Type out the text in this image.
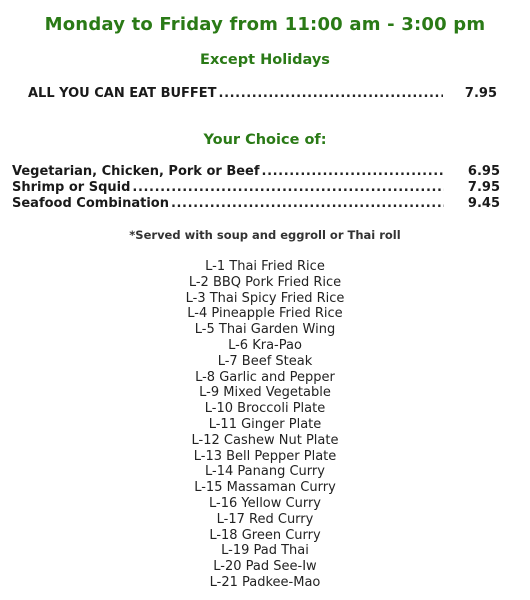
Monday to Friday from 11:00 am - 3:00 pm
Except Holidays
ALL YOU CAN EAT BUFFET .....	7.95
Your Choice of:
Vegetarian, Chicken, Pork or Beef .....	6.95
Shrimp or Squid .....	7.95
Seafood Combination .....	9.45
*Served with soup and eggroll or Thai roll
L-1 Thai Fried Rice
L-2 BBQ Pork Fried Rice
L-3 Thai Spicy Fried Rice
L-4 Pineapple Fried Rice
L-5 Thai Garden Wing
L-6 Kra-Pao
L-7 Beef Steak
L-8 Garlic and Pepper
L-9 Mixed Vegetable
L-10 Broccoli Plate
L-11 Ginger Plate
L-12 Cashew Nut Plate
L-13 Bell Pepper Plate
L-14 Panang Curry
L-15 Massaman Curry
L-16 Yellow Curry
L-17 Red Curry
L-18 Green Curry
L-19 Pad Thai
L-20 Pad See-Iw
L-21 Padkee-Mao
